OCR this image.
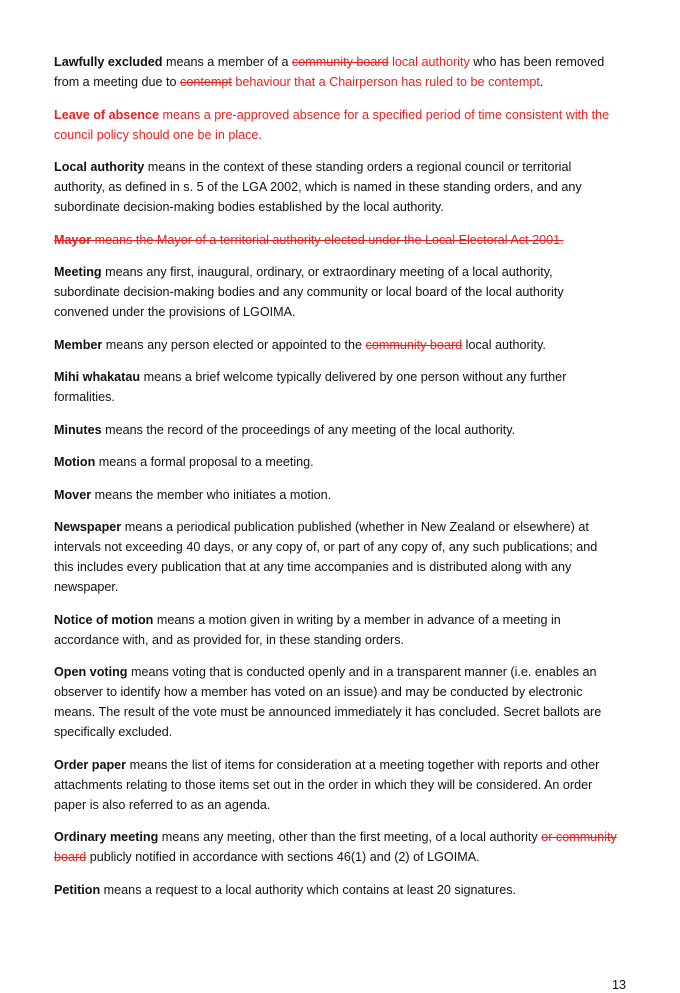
Lawfully excluded means a member of a community board local authority who has been removed from a meeting due to contempt behaviour that a Chairperson has ruled to be contempt.

Leave of absence means a pre-approved absence for a specified period of time consistent with the council policy should one be in place.

Local authority means in the context of these standing orders a regional council or territorial authority, as defined in s. 5 of the LGA 2002, which is named in these standing orders, and any subordinate decision-making bodies established by the local authority.

Mayor means the Mayor of a territorial authority elected under the Local Electoral Act 2001.

Meeting means any first, inaugural, ordinary, or extraordinary meeting of a local authority, subordinate decision-making bodies and any community or local board of the local authority convened under the provisions of LGOIMA.

Member means any person elected or appointed to the community board local authority.

Mihi whakatau means a brief welcome typically delivered by one person without any further formalities.

Minutes means the record of the proceedings of any meeting of the local authority.

Motion means a formal proposal to a meeting.

Mover means the member who initiates a motion.

Newspaper means a periodical publication published (whether in New Zealand or elsewhere) at intervals not exceeding 40 days, or any copy of, or part of any copy of, any such publications; and this includes every publication that at any time accompanies and is distributed along with any newspaper.

Notice of motion means a motion given in writing by a member in advance of a meeting in accordance with, and as provided for, in these standing orders.

Open voting means voting that is conducted openly and in a transparent manner (i.e. enables an observer to identify how a member has voted on an issue) and may be conducted by electronic means. The result of the vote must be announced immediately it has concluded. Secret ballots are specifically excluded.

Order paper means the list of items for consideration at a meeting together with reports and other attachments relating to those items set out in the order in which they will be considered. An order paper is also referred to as an agenda.

Ordinary meeting means any meeting, other than the first meeting, of a local authority or community board publicly notified in accordance with sections 46(1) and (2) of LGOIMA.

Petition means a request to a local authority which contains at least 20 signatures.

13
